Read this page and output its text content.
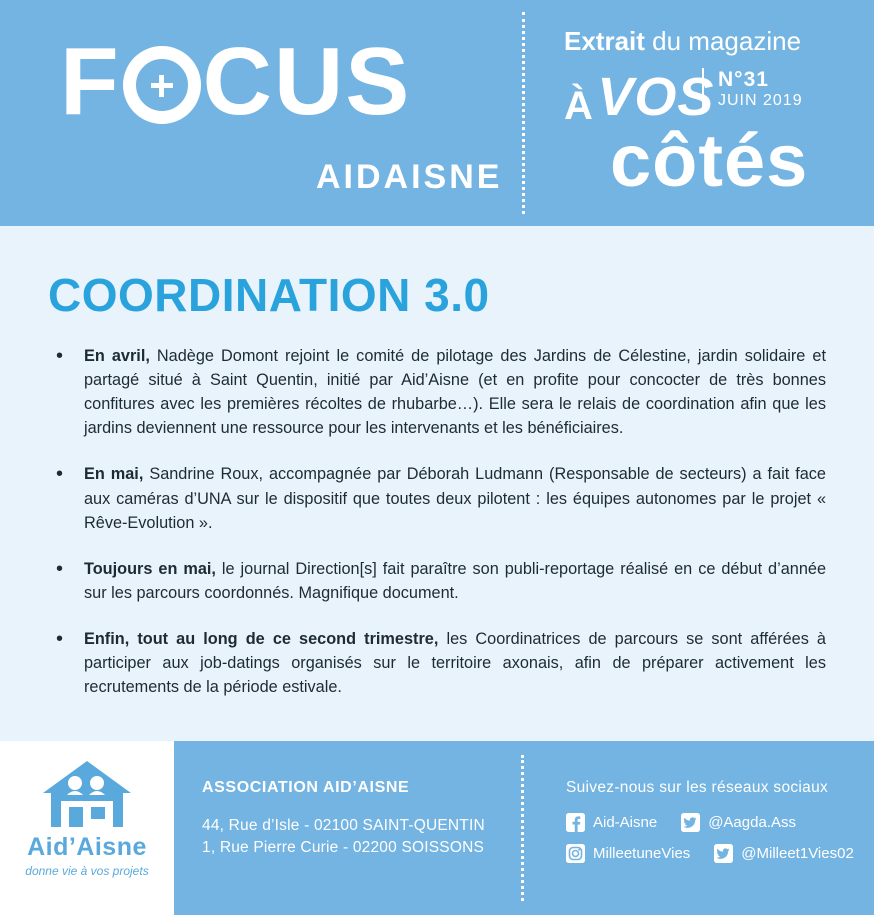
F CUS
AIDAISNE
Extrait du magazine
À VOS N°31
JUIN 2019
côtés
COORDINATION 3.0
• En avril, Nadège Domont rejoint le comité de pilotage des Jardins de Célestine, jardin solidaire et partagé situé à Saint Quentin, initié par Aid’Aisne (et en profite pour concocter de très bonnes confitures avec les premières récoltes de rhubarbe…). Elle sera le relais de coordination afin que les jardins deviennent une ressource pour les intervenants et les bénéficiaires.
• En mai, Sandrine Roux, accompagnée par Déborah Ludmann (Responsable de secteurs) a fait face aux caméras d’UNA sur le dispositif que toutes deux pilotent : les équipes autonomes par le projet « Rêve-Evolution ».
• Toujours en mai, le journal Direction[s] fait paraître son publi-reportage réalisé en ce début d’année sur les parcours coordonnés. Magnifique document.
• Enfin, tout au long de ce second trimestre, les Coordinatrices de parcours se sont afférées à participer aux job-datings organisés sur le territoire axonais, afin de préparer activement les recrutements de la période estivale.
Aid’Aisne
donne vie à vos projets
ASSOCIATION AID’AISNE
44, Rue d’Isle - 02100 SAINT-QUENTIN
1, Rue Pierre Curie - 02200 SOISSONS
Suivez-nous sur les réseaux sociaux
Aid-Aisne	@Aagda.Ass
MilleetuneVies	@Milleet1Vies02
